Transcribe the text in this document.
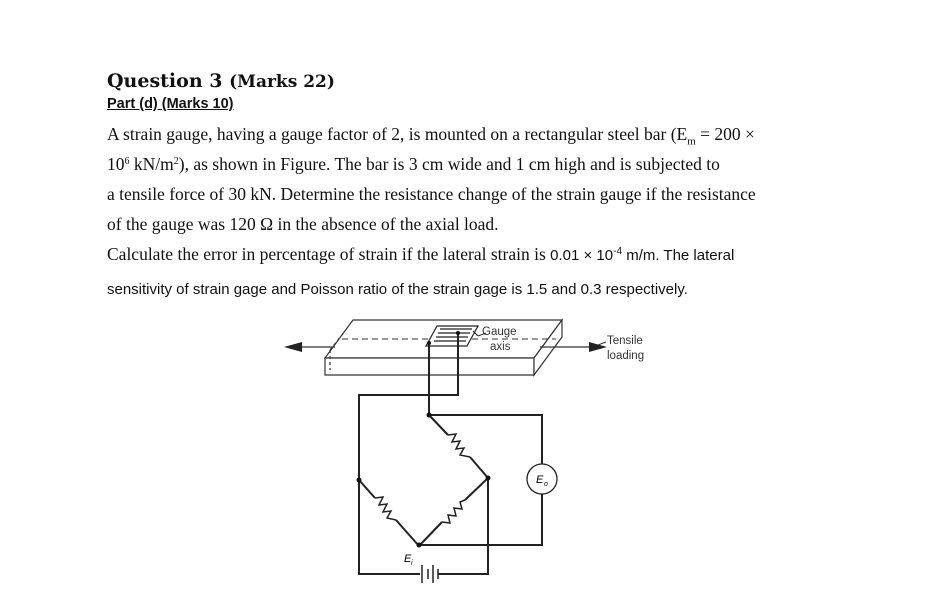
Question 3 (Marks 22)
Part (d) (Marks 10)
A strain gauge, having a gauge factor of 2, is mounted on a rectangular steel bar ($E_m = 200$ ×
$10^6$ $kN/m^2$), as shown in Figure. The bar is 3 cm wide and 1 cm high and is subjected to
a tensile force of 30 kN. Determine the resistance change of the strain gauge if the resistance
of the gauge was 120 Ω in the absence of the axial load.
Calculate the error in percentage of strain if the lateral strain is $0.01 \times 10^{-4}$ m/m. The lateral
sensitivity of strain gage and Poisson ratio of the strain gage is 1.5 and 0.3 respectively.
Gauge
axis	Tensile
loading
E o
E i
